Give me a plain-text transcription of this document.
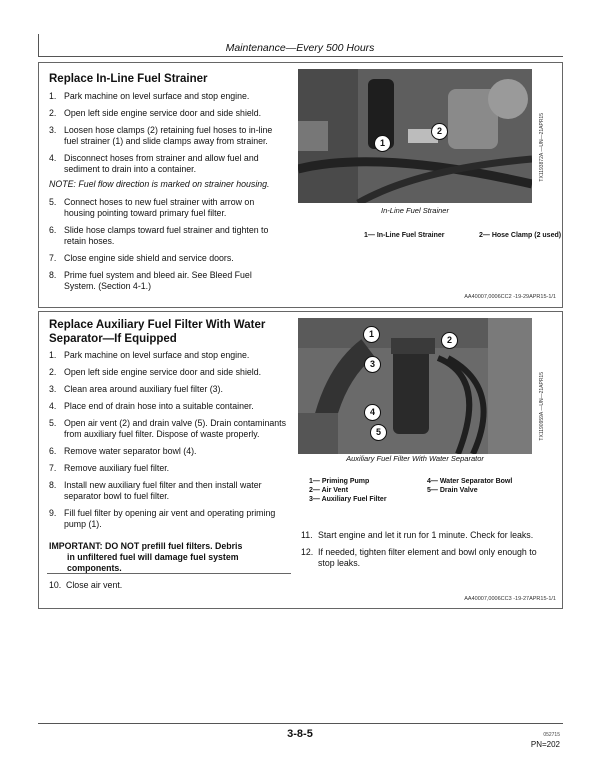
Maintenance—Every 500 Hours
Replace In-Line Fuel Strainer
1. Park machine on level surface and stop engine.
2. Open left side engine service door and side shield.
3. Loosen hose clamps (2) retaining fuel hoses to in-line fuel strainer (1) and slide clamps away from strainer.
4. Disconnect hoses from strainer and allow fuel and sediment to drain into a container.
NOTE: Fuel flow direction is marked on strainer housing.
5. Connect hoses to new fuel strainer with arrow on housing pointing toward primary fuel filter.
6. Slide hose clamps toward fuel strainer and tighten to retain hoses.
7. Close engine side shield and service doors.
8. Prime fuel system and bleed air. See Bleed Fuel System. (Section 4-1.)
1
2	TX1193872A —UN—21APR15
In-Line Fuel Strainer
1— In-Line Fuel Strainer	2— Hose Clamp (2 used)
AA40007,0006CC2 -19-29APR15-1/1
Replace Auxiliary Fuel Filter With Water
Separator—If Equipped
1. Park machine on level surface and stop engine.
2. Open left side engine service door and side shield.
3. Clean area around auxiliary fuel filter (3).
4. Place end of drain hose into a suitable container.
5. Open air vent (2) and drain valve (5). Drain contaminants from auxiliary fuel filter. Dispose of waste properly.
6. Remove water separator bowl (4).
7. Remove auxiliary fuel filter.
8. Install new auxiliary fuel filter and then install water separator bowl to fuel filter.
9. Fill fuel filter by opening air vent and operating priming pump (1).
IMPORTANT: DO NOT prefill fuel filters. Debris
in unfiltered fuel will damage fuel system components.
10. Close air vent.
1
2
3
4
5	TX1190959A —UN—21APR15
Auxiliary Fuel Filter With Water Separator
1— Priming Pump
2— Air Vent
3— Auxiliary Fuel Filter
4— Water Separator Bowl
5— Drain Valve
11. Start engine and let it run for 1 minute. Check for leaks.
12. If needed, tighten filter element and bowl only enough to stop leaks.
AA40007,0006CC3 -19-27APR15-1/1
3-8-5	052715
PN=202
